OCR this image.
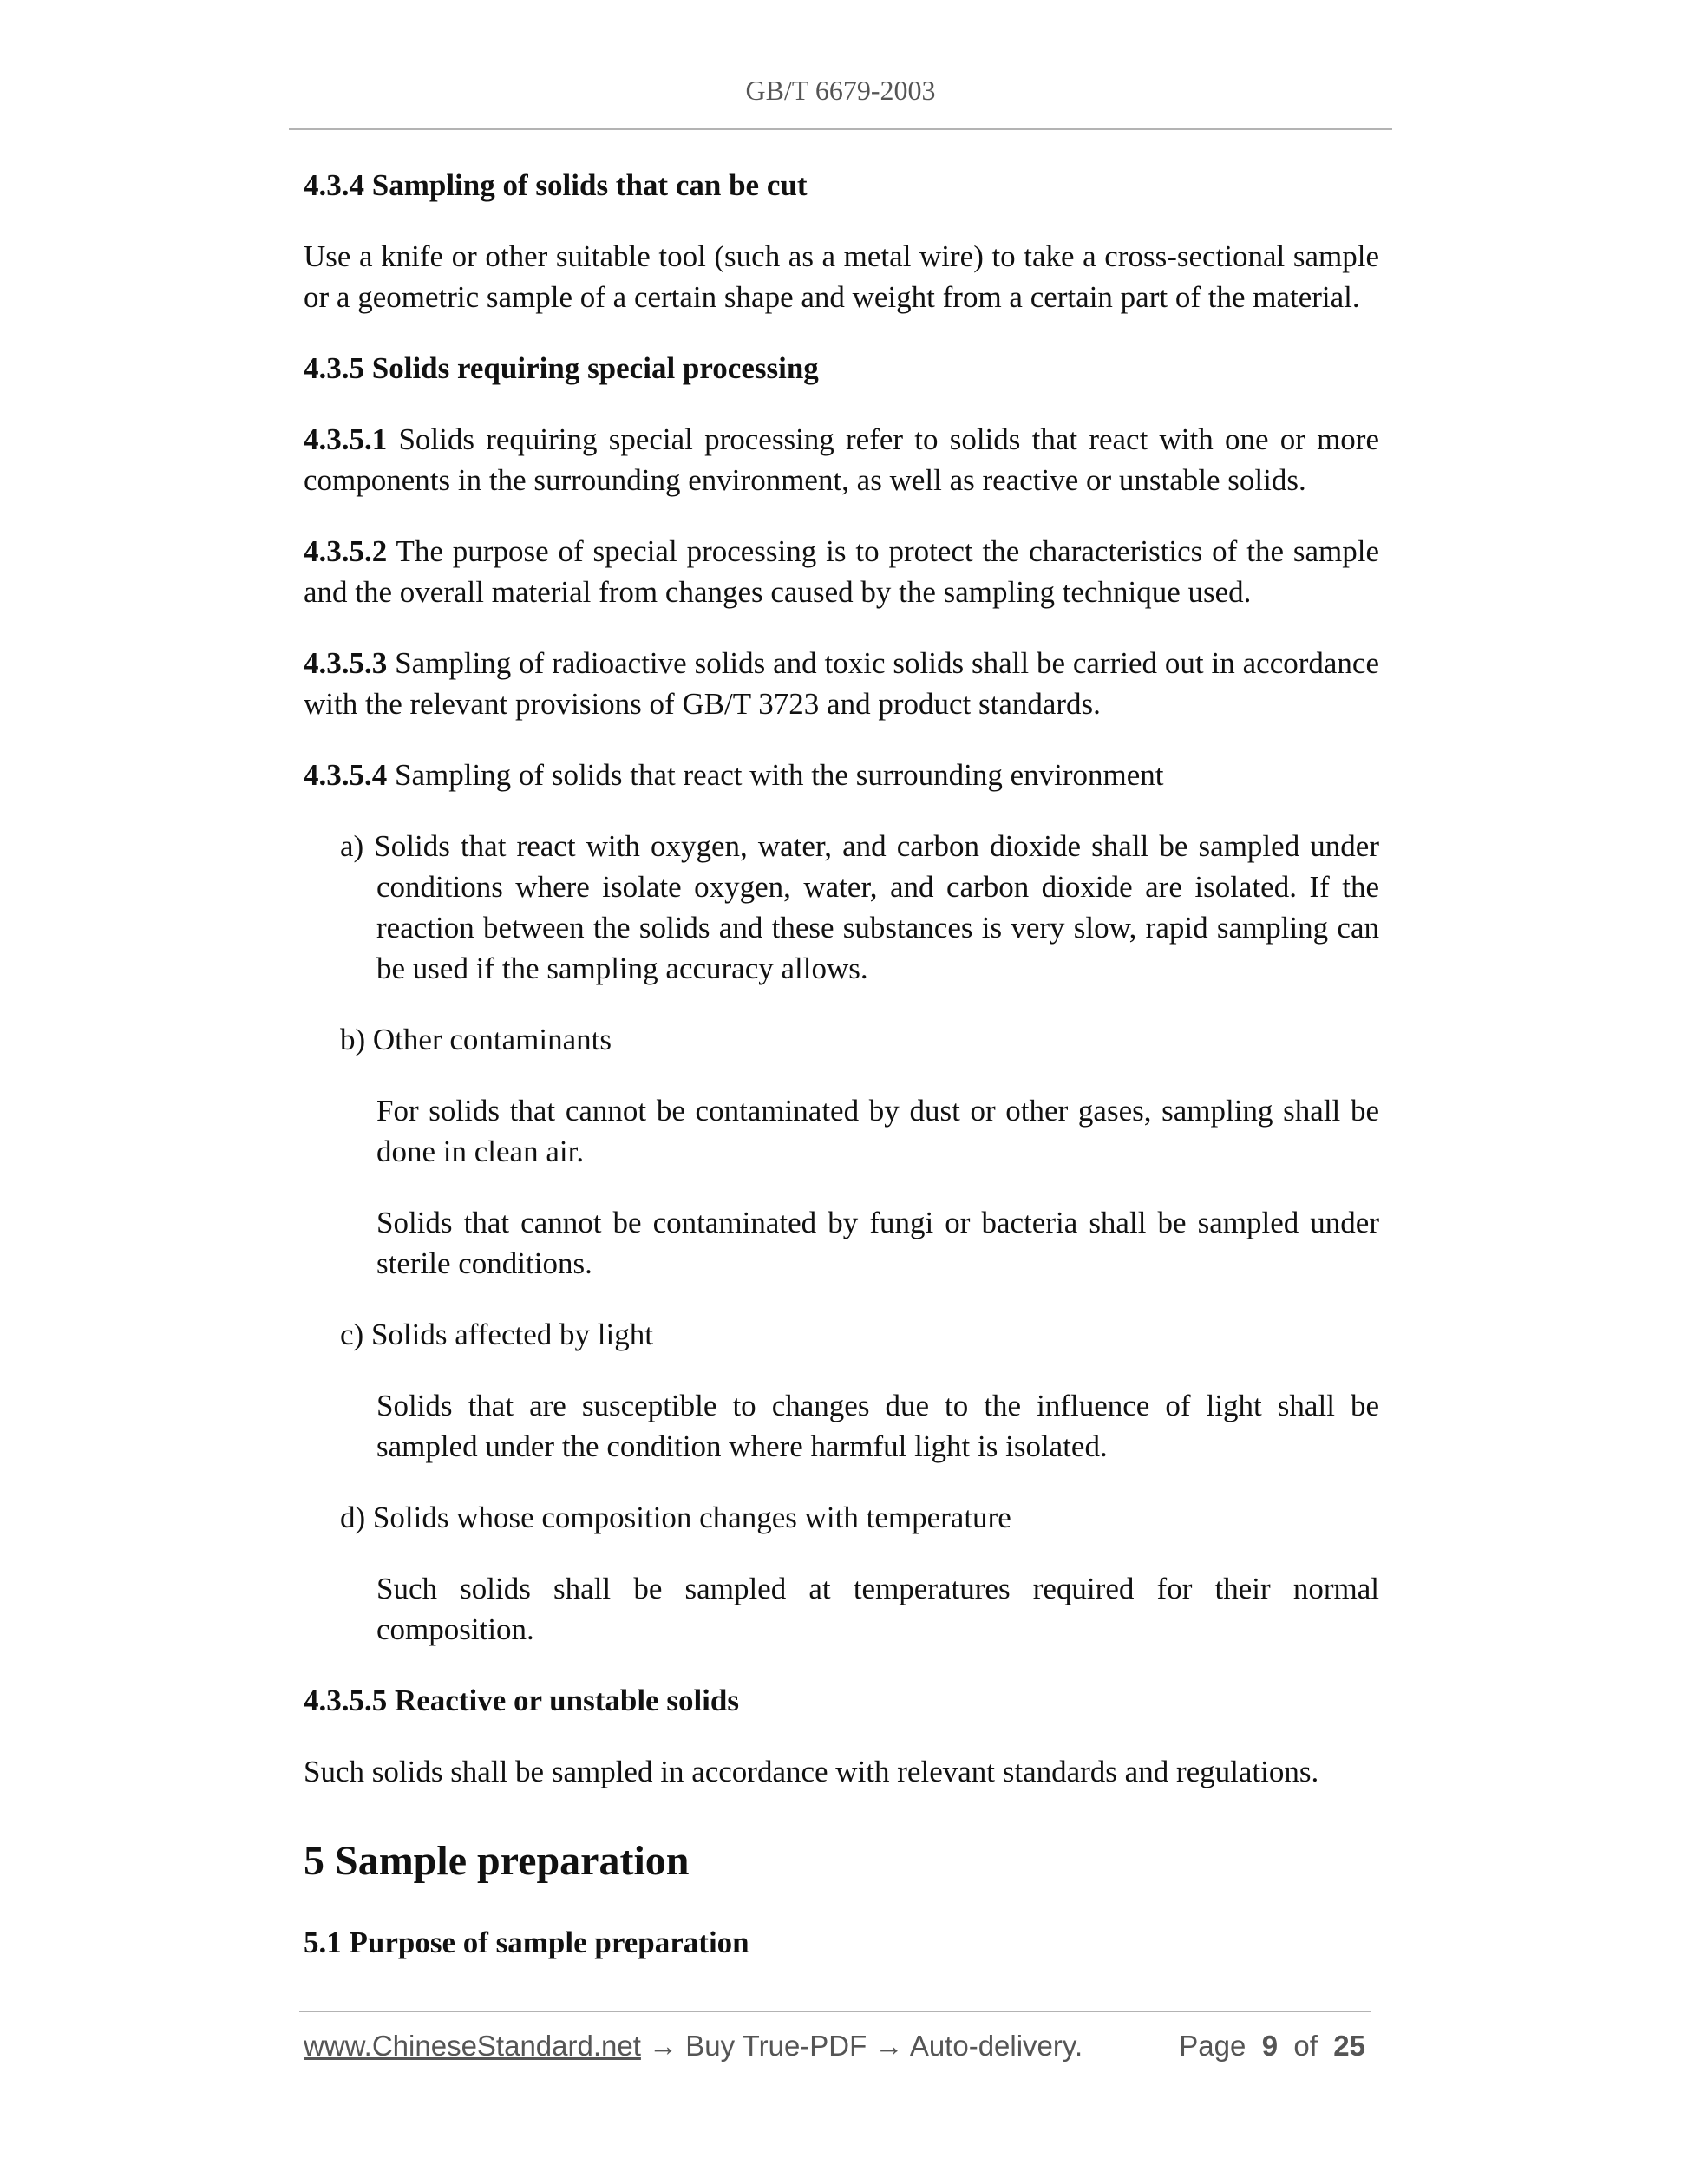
GB/T 6679-2003
4.3.4 Sampling of solids that can be cut

Use a knife or other suitable tool (such as a metal wire) to take a cross-sectional sample or a geometric sample of a certain shape and weight from a certain part of the material.

4.3.5 Solids requiring special processing

4.3.5.1 Solids requiring special processing refer to solids that react with one or more components in the surrounding environment, as well as reactive or unstable solids.

4.3.5.2 The purpose of special processing is to protect the characteristics of the sample and the overall material from changes caused by the sampling technique used.

4.3.5.3 Sampling of radioactive solids and toxic solids shall be carried out in accordance with the relevant provisions of GB/T 3723 and product standards.

4.3.5.4 Sampling of solids that react with the surrounding environment

a) Solids that react with oxygen, water, and carbon dioxide shall be sampled under conditions where isolate oxygen, water, and carbon dioxide are isolated. If the reaction between the solids and these substances is very slow, rapid sampling can be used if the sampling accuracy allows.

b) Other contaminants

For solids that cannot be contaminated by dust or other gases, sampling shall be done in clean air.

Solids that cannot be contaminated by fungi or bacteria shall be sampled under sterile conditions.

c) Solids affected by light

Solids that are susceptible to changes due to the influence of light shall be sampled under the condition where harmful light is isolated.

d) Solids whose composition changes with temperature

Such solids shall be sampled at temperatures required for their normal composition.

4.3.5.5 Reactive or unstable solids

Such solids shall be sampled in accordance with relevant standards and regulations.

5 Sample preparation
5.1 Purpose of sample preparation
www.ChineseStandard.net → Buy True-PDF → Auto-delivery.	Page 9 of 25
